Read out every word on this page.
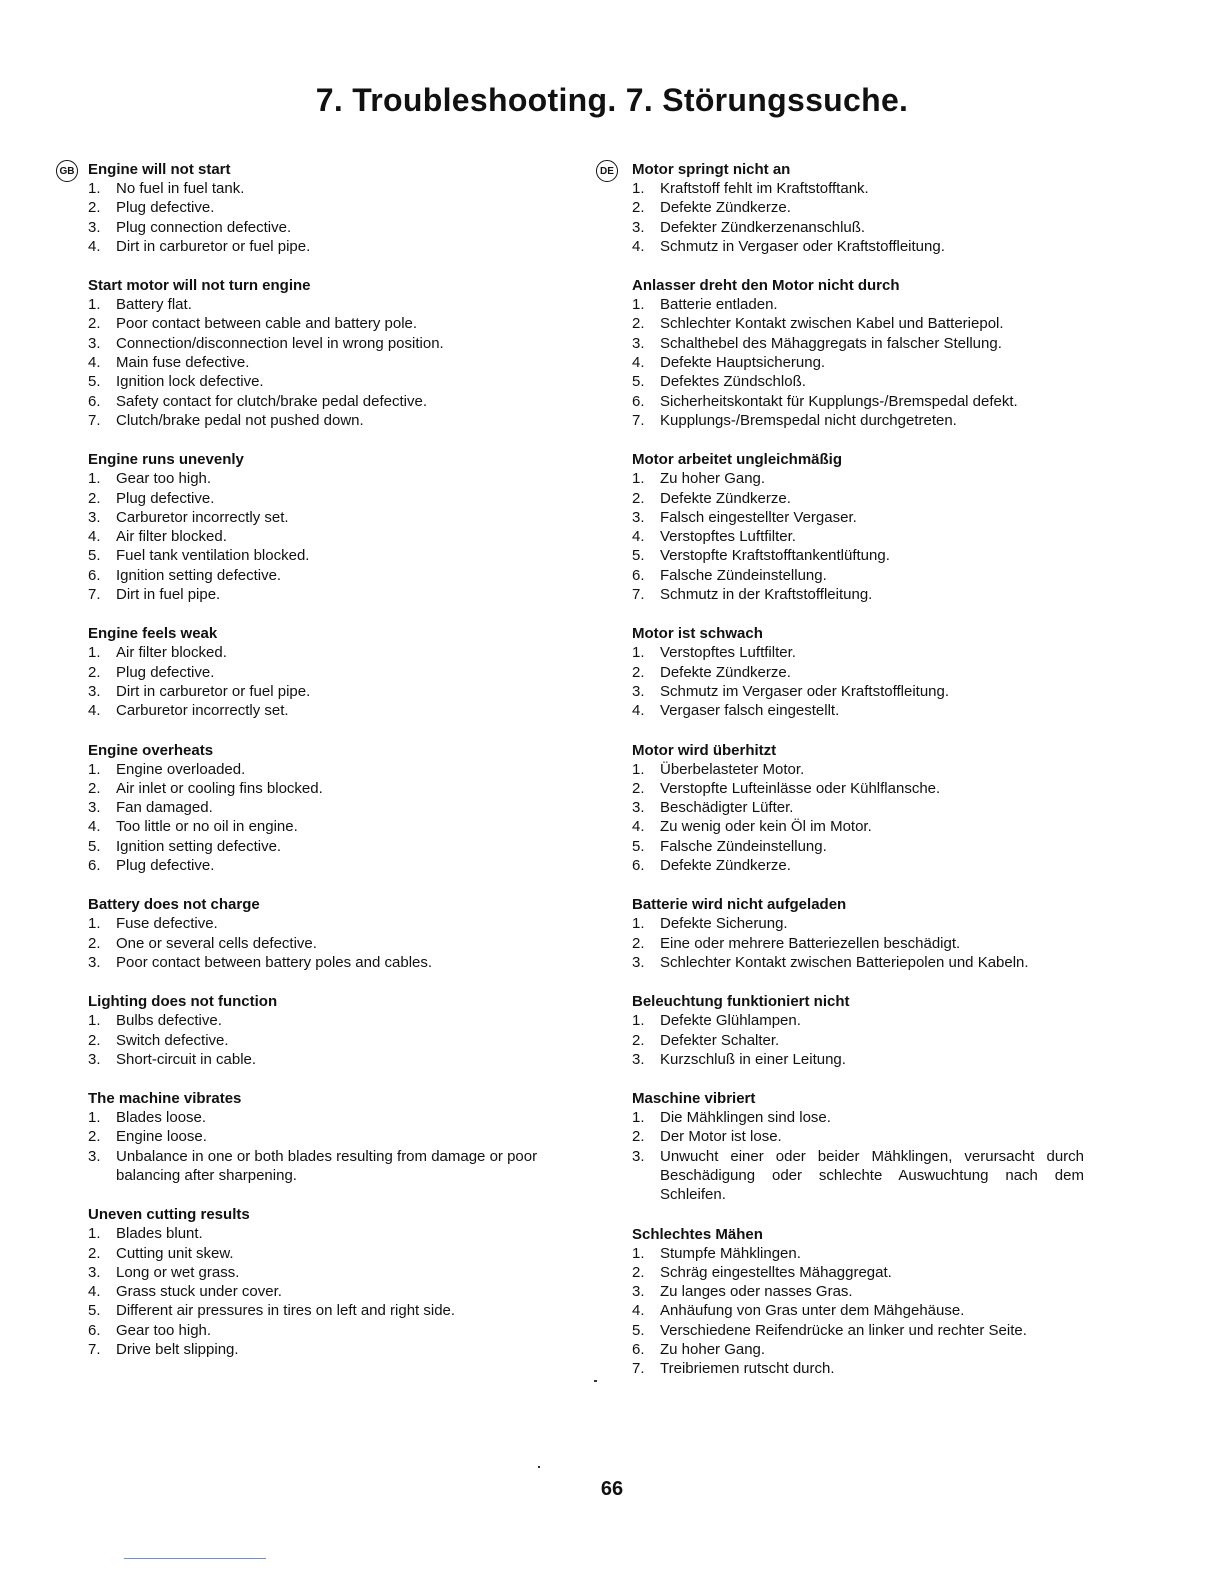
7. Troubleshooting. 7. Störungssuche.
GB Engine will not start
1.	No fuel in fuel tank.
2.	Plug defective.
3.	Plug connection defective.
4.	Dirt in carburetor or fuel pipe.
Start motor will not turn engine
1.	Battery flat.
2.	Poor contact between cable and battery pole.
3.	Connection/disconnection level in wrong position.
4.	Main fuse defective.
5.	Ignition lock defective.
6.	Safety contact for clutch/brake pedal defective.
7.	Clutch/brake pedal not pushed down.
Engine runs unevenly
1.	Gear too high.
2.	Plug defective.
3.	Carburetor incorrectly set.
4.	Air filter blocked.
5.	Fuel tank ventilation blocked.
6.	Ignition setting defective.
7.	Dirt in fuel pipe.
Engine feels weak
1.	Air filter blocked.
2.	Plug defective.
3.	Dirt in carburetor or fuel pipe.
4.	Carburetor incorrectly set.
Engine overheats
1.	Engine overloaded.
2.	Air inlet or cooling fins blocked.
3.	Fan damaged.
4.	Too little or no oil in engine.
5.	Ignition setting defective.
6.	Plug defective.
Battery does not charge
1.	Fuse defective.
2.	One or several cells defective.
3.	Poor contact between battery poles and cables.
Lighting does not function
1.	Bulbs defective.
2.	Switch defective.
3.	Short-circuit in cable.
The machine vibrates
1.	Blades loose.
2.	Engine loose.
3.	Unbalance in one or both blades resulting from damage or poor balancing after sharpening.
Uneven cutting results
1.	Blades blunt.
2.	Cutting unit skew.
3.	Long or wet grass.
4.	Grass stuck under cover.
5.	Different air pressures in tires on left and right side.
6.	Gear too high.
7.	Drive belt slipping.
DE Motor springt nicht an
1.	Kraftstoff fehlt im Kraftstofftank.
2.	Defekte Zündkerze.
3.	Defekter Zündkerzenanschluß.
4.	Schmutz in Vergaser oder Kraftstoffleitung.
Anlasser dreht den Motor nicht durch
1.	Batterie entladen.
2.	Schlechter Kontakt zwischen Kabel und Batteriepol.
3.	Schalthebel des Mähaggregats in falscher Stellung.
4.	Defekte Hauptsicherung.
5.	Defektes Zündschloß.
6.	Sicherheitskontakt für Kupplungs-/Bremspedal defekt.
7.	Kupplungs-/Bremspedal nicht durchgetreten.
Motor arbeitet ungleichmäßig
1.	Zu hoher Gang.
2.	Defekte Zündkerze.
3.	Falsch eingestellter Vergaser.
4.	Verstopftes Luftfilter.
5.	Verstopfte Kraftstofftankentlüftung.
6.	Falsche Zündeinstellung.
7.	Schmutz in der Kraftstoffleitung.
Motor ist schwach
1.	Verstopftes Luftfilter.
2.	Defekte Zündkerze.
3.	Schmutz im Vergaser oder Kraftstoffleitung.
4.	Vergaser falsch eingestellt.
Motor wird überhitzt
1.	Überbelasteter Motor.
2.	Verstopfte Lufteinlässe oder Kühlflansche.
3.	Beschädigter Lüfter.
4.	Zu wenig oder kein Öl im Motor.
5.	Falsche Zündeinstellung.
6.	Defekte Zündkerze.
Batterie wird nicht aufgeladen
1.	Defekte Sicherung.
2.	Eine oder mehrere Batteriezellen beschädigt.
3.	Schlechter Kontakt zwischen Batteriepolen und Kabeln.
Beleuchtung funktioniert nicht
1.	Defekte Glühlampen.
2.	Defekter Schalter.
3.	Kurzschluß in einer Leitung.
Maschine vibriert
1.	Die Mähklingen sind lose.
2.	Der Motor ist lose.
3.	Unwucht einer oder beider Mähklingen, verursacht durch Beschädigung oder schlechte Auswuchtung nach dem Schleifen.
Schlechtes Mähen
1.	Stumpfe Mähklingen.
2.	Schräg eingestelltes Mähaggregat.
3.	Zu langes oder nasses Gras.
4.	Anhäufung von Gras unter dem Mähgehäuse.
5.	Verschiedene Reifendrücke an linker und rechter Seite.
6.	Zu hoher Gang.
7.	Treibriemen rutscht durch.
66
